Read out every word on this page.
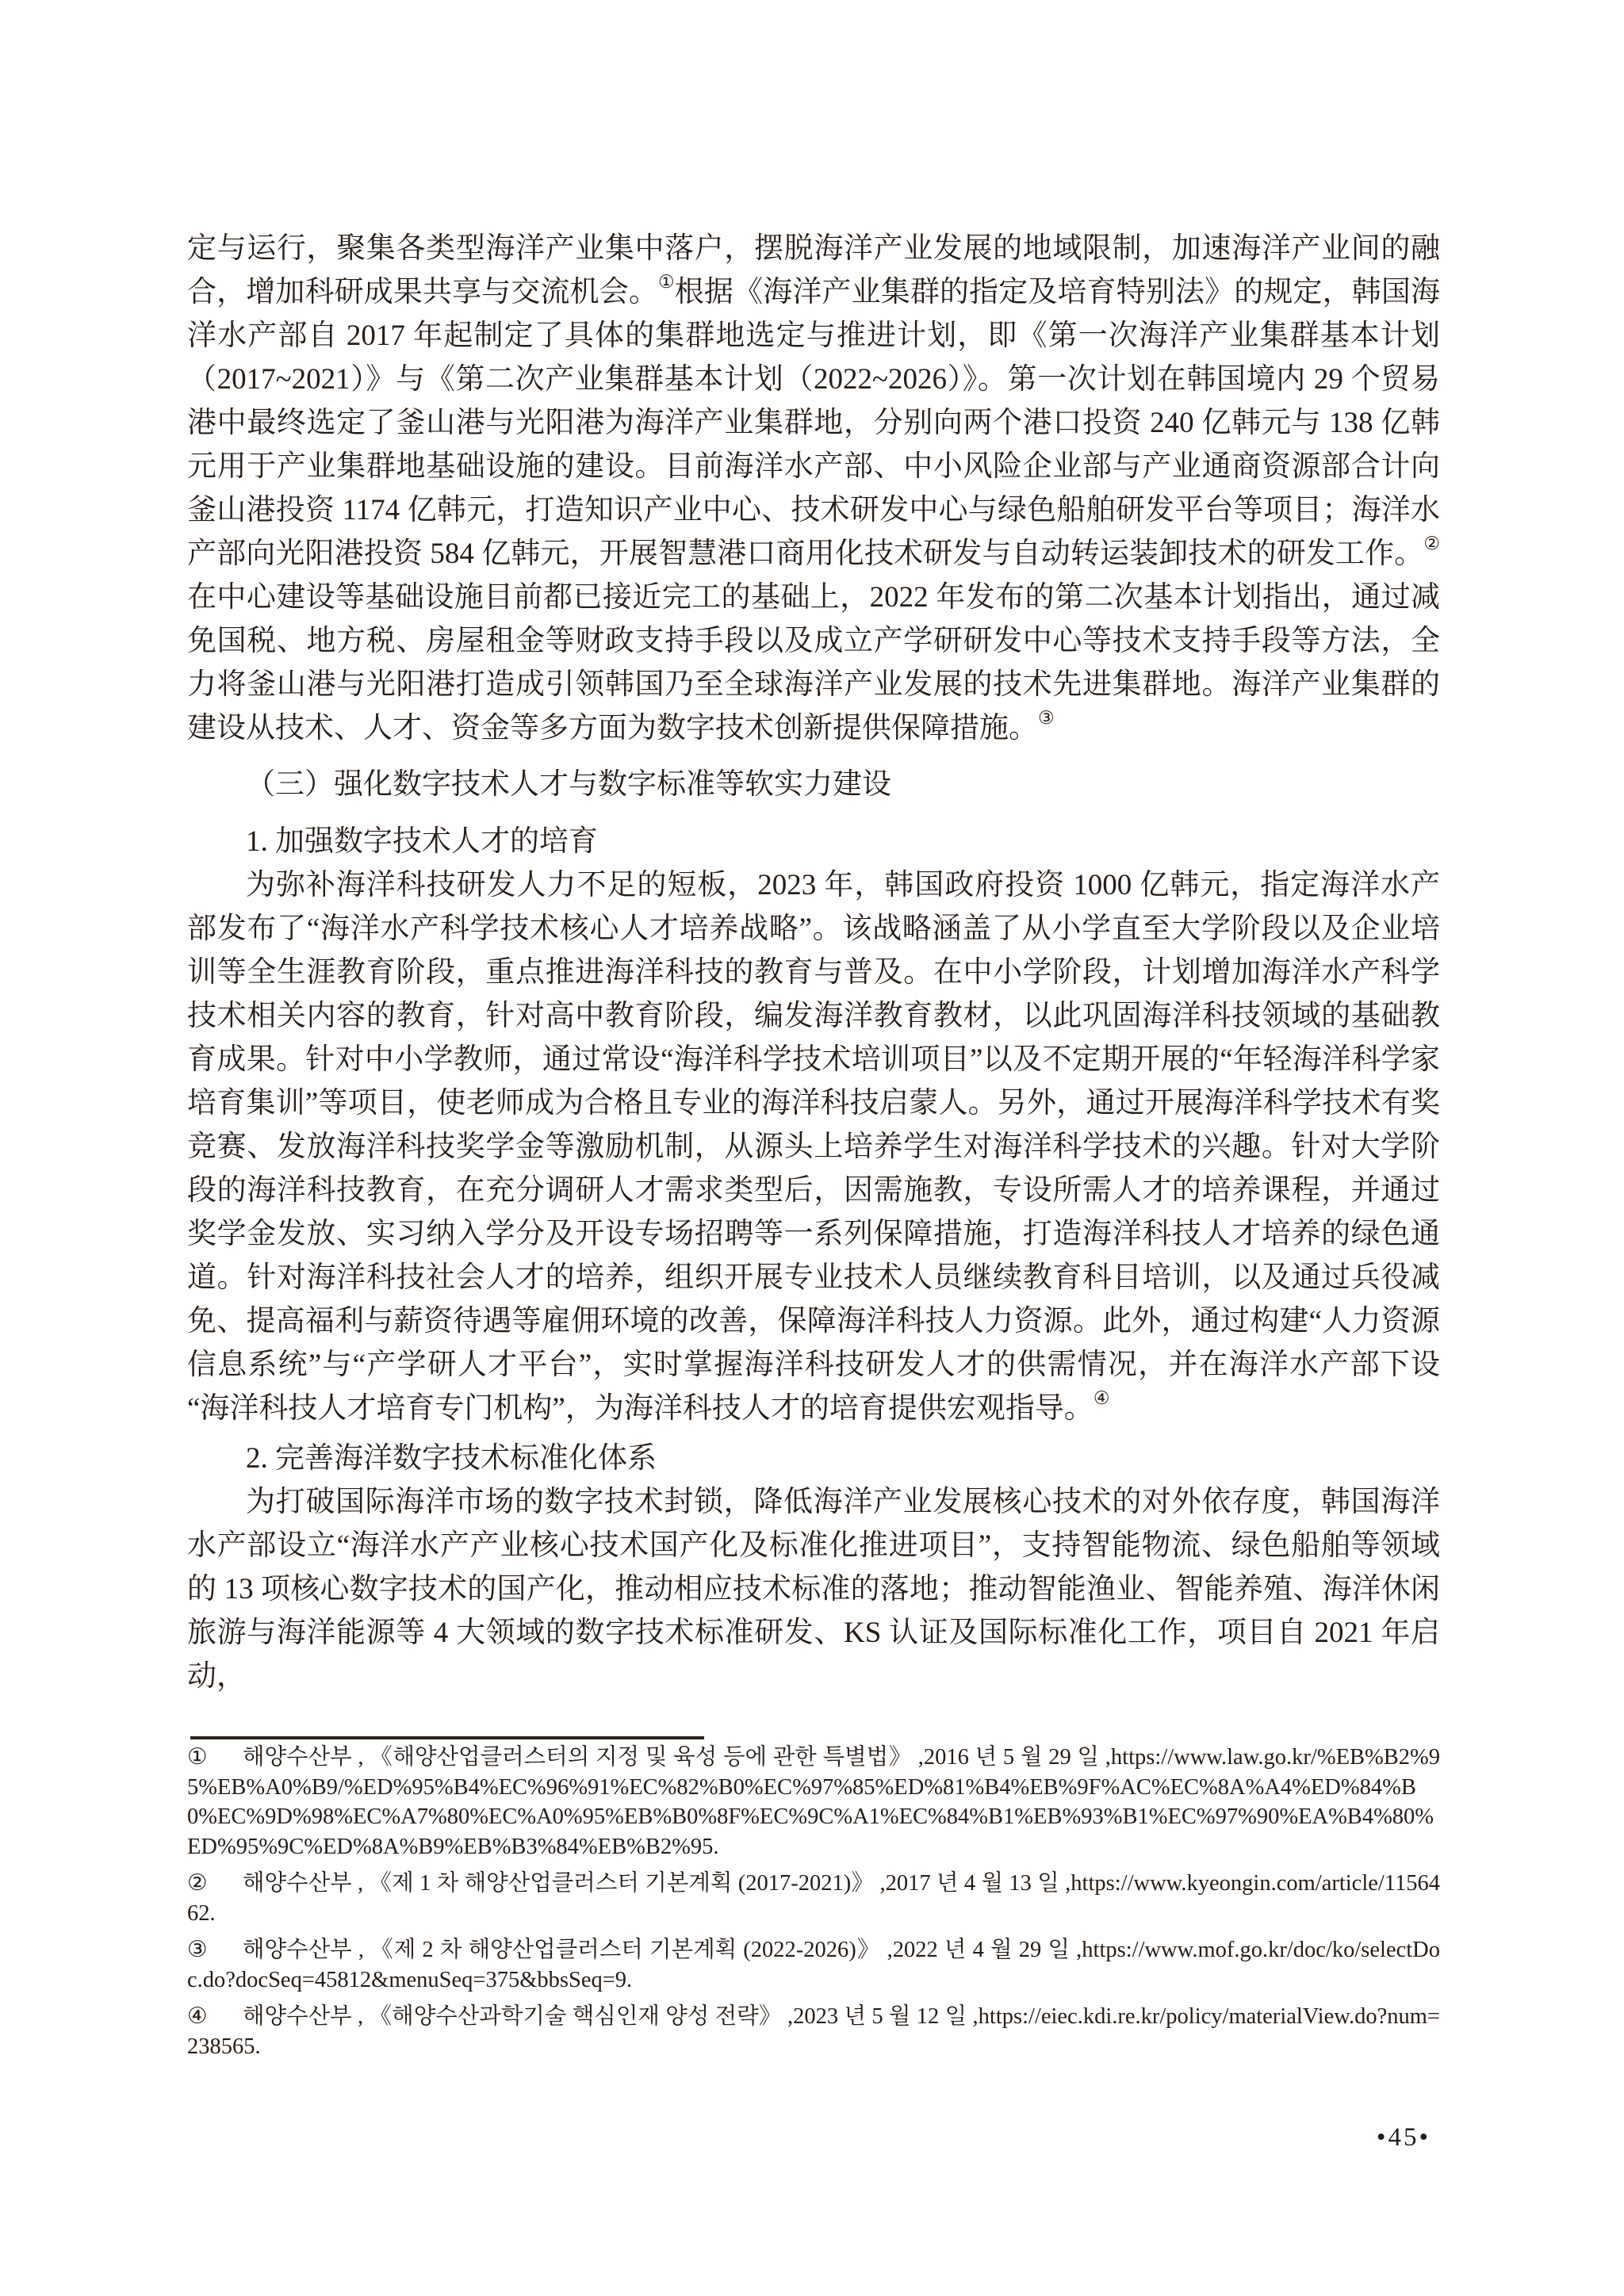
定与运行，聚集各类型海洋产业集中落户，摆脱海洋产业发展的地域限制，加速海洋产业间的融合，增加科研成果共享与交流机会。①根据《海洋产业集群的指定及培育特别法》的规定，韩国海洋水产部自 2017 年起制定了具体的集群地选定与推进计划，即《第一次海洋产业集群基本计划（2017~2021）》与《第二次产业集群基本计划（2022~2026）》。第一次计划在韩国境内 29 个贸易港中最终选定了釜山港与光阳港为海洋产业集群地，分别向两个港口投资 240 亿韩元与 138 亿韩元用于产业集群地基础设施的建设。目前海洋水产部、中小风险企业部与产业通商资源部合计向釜山港投资 1174 亿韩元，打造知识产业中心、技术研发中心与绿色船舶研发平台等项目；海洋水产部向光阳港投资 584 亿韩元，开展智慧港口商用化技术研发与自动转运装卸技术的研发工作。②在中心建设等基础设施目前都已接近完工的基础上，2022 年发布的第二次基本计划指出，通过减免国税、地方税、房屋租金等财政支持手段以及成立产学研研发中心等技术支持手段等方法，全力将釜山港与光阳港打造成引领韩国乃至全球海洋产业发展的技术先进集群地。海洋产业集群的建设从技术、人才、资金等多方面为数字技术创新提供保障措施。③

（三）强化数字技术人才与数字标准等软实力建设

1. 加强数字技术人才的培育

为弥补海洋科技研发人力不足的短板，2023 年，韩国政府投资 1000 亿韩元，指定海洋水产部发布了“海洋水产科学技术核心人才培养战略”。该战略涵盖了从小学直至大学阶段以及企业培训等全生涯教育阶段，重点推进海洋科技的教育与普及。在中小学阶段，计划增加海洋水产科学技术相关内容的教育，针对高中教育阶段，编发海洋教育教材，以此巩固海洋科技领域的基础教育成果。针对中小学教师，通过常设“海洋科学技术培训项目”以及不定期开展的“年轻海洋科学家培育集训”等项目，使老师成为合格且专业的海洋科技启蒙人。另外，通过开展海洋科学技术有奖竞赛、发放海洋科技奖学金等激励机制，从源头上培养学生对海洋科学技术的兴趣。针对大学阶段的海洋科技教育，在充分调研人才需求类型后，因需施教，专设所需人才的培养课程，并通过奖学金发放、实习纳入学分及开设专场招聘等一系列保障措施，打造海洋科技人才培养的绿色通道。针对海洋科技社会人才的培养，组织开展专业技术人员继续教育科目培训，以及通过兵役减免、提高福利与薪资待遇等雇佣环境的改善，保障海洋科技人力资源。此外，通过构建“人力资源信息系统”与“产学研人才平台”，实时掌握海洋科技研发人才的供需情况，并在海洋水产部下设“海洋科技人才培育专门机构”，为海洋科技人才的培育提供宏观指导。④

2. 完善海洋数字技术标准化体系

为打破国际海洋市场的数字技术封锁，降低海洋产业发展核心技术的对外依存度，韩国海洋水产部设立“海洋水产产业核心技术国产化及标准化推进项目”，支持智能物流、绿色船舶等领域的 13 项核心数字技术的国产化，推动相应技术标准的落地；推动智能渔业、智能养殖、海洋休闲旅游与海洋能源等 4 大领域的数字技术标准研发、KS 认证及国际标准化工作，项目自 2021 年启动，

① 해양수산부 , 《해양산업클러스터의 지정 및 육성 등에 관한 특별법》 ,2016 년 5 월 29 일 ,https://www.law.go.kr/%EB%B2%95%EB%A0%B9/%ED%95%B4%EC%96%91%EC%82%B0%EC%97%85%ED%81%B4%EB%9F%AC%EC%8A%A4%ED%84%B0%EC%9D%98%EC%A7%80%EC%A0%95%EB%B0%8F%EC%9C%A1%EC%84%B1%EB%93%B1%EC%97%90%EA%B4%80%ED%95%9C%ED%8A%B9%EB%B3%84%EB%B2%95.

② 해양수산부 , 《제 1 차 해양산업클러스터 기본계획 (2017-2021)》 ,2017 년 4 월 13 일 ,https://www.kyeongin.com/article/1156462.

③ 해양수산부 , 《제 2 차 해양산업클러스터 기본계획 (2022-2026)》 ,2022 년 4 월 29 일 ,https://www.mof.go.kr/doc/ko/selectDoc.do?docSeq=45812&menuSeq=375&bbsSeq=9.

④ 해양수산부 , 《해양수산과학기술 핵심인재 양성 전략》 ,2023 년 5 월 12 일 ,https://eiec.kdi.re.kr/policy/materialView.do?num=238565.

•45•
